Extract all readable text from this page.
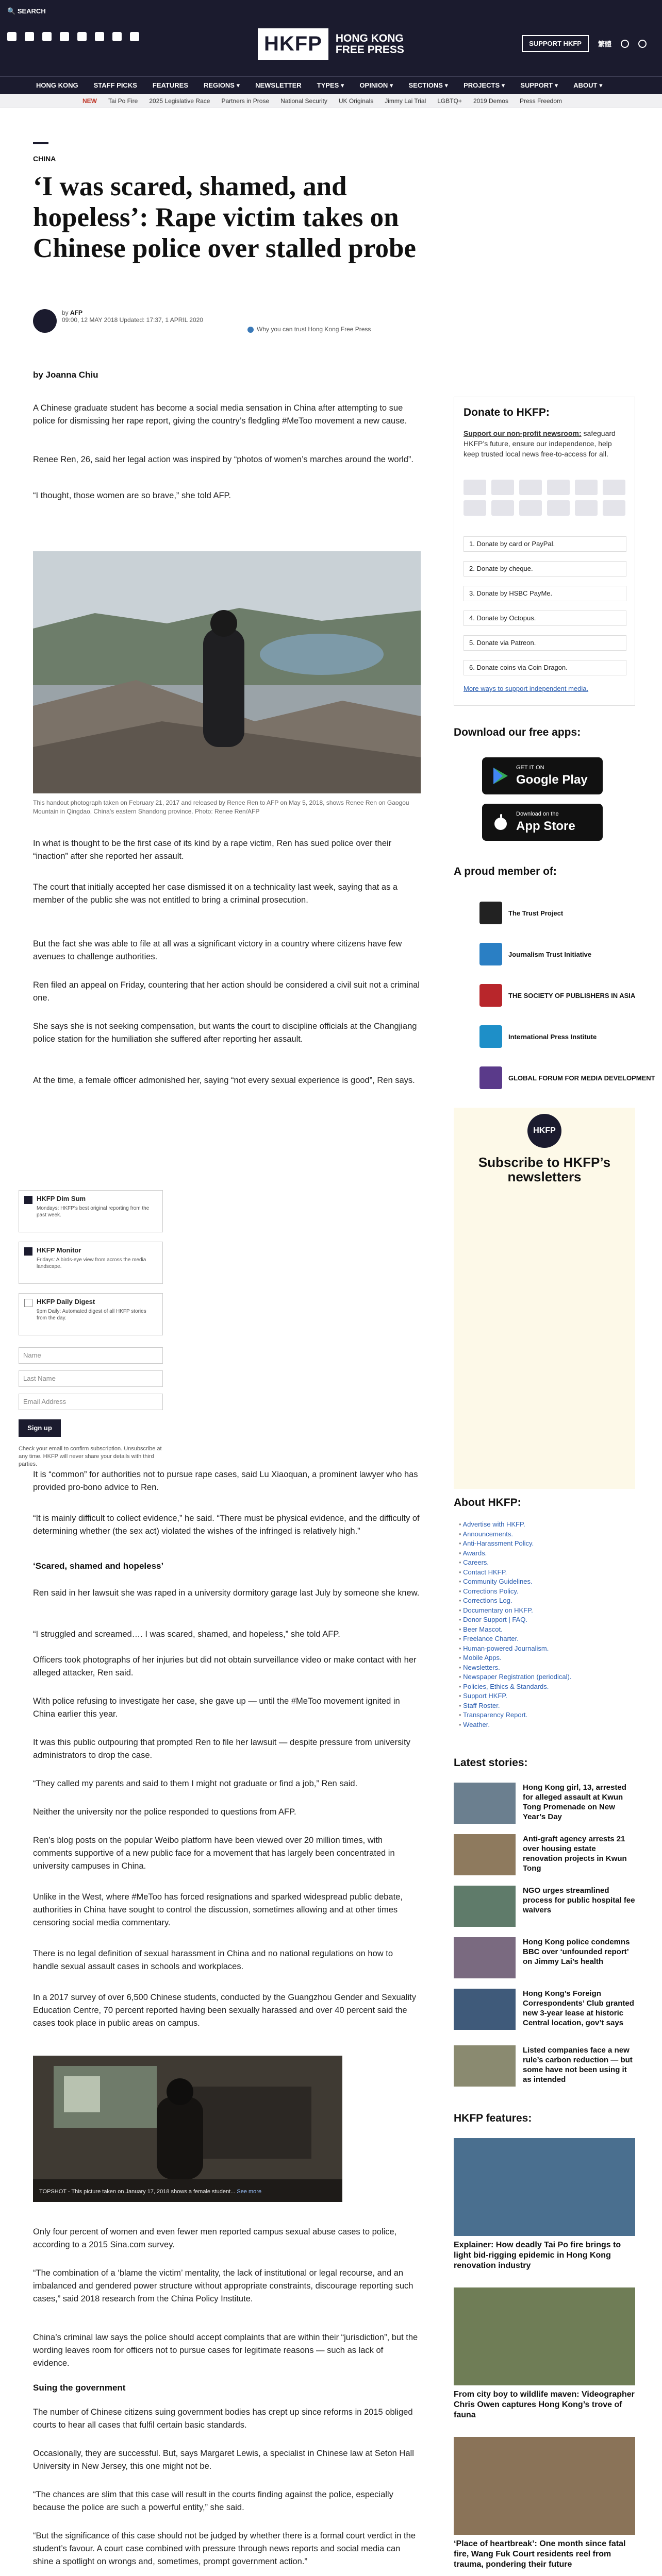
🔍 SEARCH
HKFP	HONG KONG
FREE PRESS	SUPPORT HKFP	繁體
HONG KONG STAFF PICKS FEATURES REGIONS ▾ NEWSLETTER TYPES ▾ OPINION ▾ SECTIONS ▾ PROJECTS ▾ SUPPORT ▾ ABOUT ▾
NEW Tai Po Fire 2025 Legislative Race Partners in Prose National Security UK Originals Jimmy Lai Trial LGBTQ+ 2019 Demos Press Freedom
CHINA
‘I was scared, shamed, and hopeless’: Rape victim takes on Chinese police over stalled probe
by AFP
09:00, 12 MAY 2018 Updated: 17:37, 1 APRIL 2020
Why you can trust Hong Kong Free Press
by Joanna Chiu

A Chinese graduate student has become a social media sensation in China after attempting to sue police for dismissing her rape report, giving the country’s fledgling #MeToo movement a new cause.

Renee Ren, 26, said her legal action was inspired by “photos of women’s marches around the world”.

“I thought, those women are so brave,” she told AFP.

This handout photograph taken on February 21, 2017 and released by Renee Ren to AFP on May 5, 2018, shows Renee Ren on Gaogou Mountain in Qingdao, China’s eastern Shandong province. Photo: Renee Ren/AFP

In what is thought to be the first case of its kind by a rape victim, Ren has sued police over their “inaction” after she reported her assault.

The court that initially accepted her case dismissed it on a technicality last week, saying that as a member of the public she was not entitled to bring a criminal prosecution.

But the fact she was able to file at all was a significant victory in a country where citizens have few avenues to challenge authorities.

Ren filed an appeal on Friday, countering that her action should be considered a civil suit not a criminal one.

She says she is not seeking compensation, but wants the court to discipline officials at the Changjiang police station for the humiliation she suffered after reporting her assault.

At the time, a female officer admonished her, saying “not every sexual experience is good”, Ren says.

It is “common” for authorities not to pursue rape cases, said Lu Xiaoquan, a prominent lawyer who has provided pro-bono advice to Ren.

“It is mainly difficult to collect evidence,” he said. “There must be physical evidence, and the difficulty of determining whether (the sex act) violated the wishes of the infringed is relatively high.”

‘Scared, shamed and hopeless’

Ren said in her lawsuit she was raped in a university dormitory garage last July by someone she knew.

“I struggled and screamed…. I was scared, shamed, and hopeless,” she told AFP.

Officers took photographs of her injuries but did not obtain surveillance video or make contact with her alleged attacker, Ren said.

With police refusing to investigate her case, she gave up — until the #MeToo movement ignited in China earlier this year.

It was this public outpouring that prompted Ren to file her lawsuit — despite pressure from university administrators to drop the case.

“They called my parents and said to them I might not graduate or find a job,” Ren said.

Neither the university nor the police responded to questions from AFP.

Ren’s blog posts on the popular Weibo platform have been viewed over 20 million times, with comments supportive of a new public face for a movement that has largely been concentrated in university campuses in China.

Unlike in the West, where #MeToo has forced resignations and sparked widespread public debate, authorities in China have sought to control the discussion, sometimes allowing and at other times censoring social media commentary.

There is no legal definition of sexual harassment in China and no national regulations on how to handle sexual assault cases in schools and workplaces.

In a 2017 survey of over 6,500 Chinese students, conducted by the Guangzhou Gender and Sexuality Education Centre, 70 percent reported having been sexually harassed and over 40 percent said the cases took place in public areas on campus.

TOPSHOT - This picture taken on January 17, 2018 shows a female student... See more

Only four percent of women and even fewer men reported campus sexual abuse cases to police, according to a 2015 Sina.com survey.

“The combination of a ‘blame the victim’ mentality, the lack of institutional or legal recourse, and an imbalanced and gendered power structure without appropriate constraints, discourage reporting such cases,” said 2018 research from the China Policy Institute.

China’s criminal law says the police should accept complaints that are within their “jurisdiction”, but the wording leaves room for officers not to pursue cases for legitimate reasons — such as lack of evidence.

Suing the government

The number of Chinese citizens suing government bodies has crept up since reforms in 2015 obliged courts to hear all cases that fulfil certain basic standards.

Occasionally, they are successful. But, says Margaret Lewis, a specialist in Chinese law at Seton Hall University in New Jersey, this one might not be.

“The chances are slim that this case will result in the courts finding against the police, especially because the police are such a powerful entity,” she said.

“But the significance of this case should not be judged by whether there is a formal court verdict in the student’s favour. A court case combined with pressure through news reports and social media can shine a spotlight on wrongs and, sometimes, prompt government action.”

Donate to HKFP:
Support our non-profit newsroom: safeguard HKFP’s future, ensure our independence, help keep trusted local news free-to-access for all.
1. Donate by card or PayPal.
2. Donate by cheque.
3. Donate by HSBC PayMe.
4. Donate by Octopus.
5. Donate via Patreon.
6. Donate coins via Coin Dragon.
More ways to support independent media.
Download our free apps:
GET IT ON
Google Play
Download on the
App Store
A proud member of:
The Trust Project
Journalism Trust Initiative
THE SOCIETY OF PUBLISHERS IN ASIA
International Press Institute
GLOBAL FORUM FOR MEDIA DEVELOPMENT
HKFP
Subscribe to HKFP’s newsletters
HKFP Dim Sum
Mondays: HKFP’s best original reporting from the past week.
HKFP Monitor
Fridays: A birds-eye view from across the media landscape.
HKFP Daily Digest
9pm Daily: Automated digest of all HKFP stories from the day.
Name
Last Name
Email Address
Sign up
Check your email to confirm subscription. Unsubscribe at any time. HKFP will never share your details with third parties.
About HKFP:
• Advertise with HKFP.
• Announcements.
• Anti-Harassment Policy.
• Awards.
• Careers.
• Contact HKFP.
• Community Guidelines.
• Corrections Policy.
• Corrections Log.
• Documentary on HKFP.
• Donor Support | FAQ.
• Beer Mascot.
• Freelance Charter.
• Human-powered Journalism.
• Mobile Apps.
• Newsletters.
• Newspaper Registration (periodical).
• Policies, Ethics & Standards.
• Support HKFP.
• Staff Roster.
• Transparency Report.
• Weather.
Latest stories:
Hong Kong girl, 13, arrested for alleged assault at Kwun Tong Promenade on New Year’s Day
Anti-graft agency arrests 21 over housing estate renovation projects in Kwun Tong
NGO urges streamlined process for public hospital fee waivers
Hong Kong police condemns BBC over ‘unfounded report’ on Jimmy Lai’s health
Hong Kong’s Foreign Correspondents’ Club granted new 3-year lease at historic Central location, gov’t says
Listed companies face a new rule’s carbon reduction — but some have not been using it as intended
HKFP features:
Explainer: How deadly Tai Po fire brings to light bid-rigging epidemic in Hong Kong renovation industry
From city boy to wildlife maven: Videographer Chris Owen captures Hong Kong’s trove of fauna
‘Place of heartbreak’: One month since fatal fire, Wang Fuk Court residents reel from trauma, pondering their future
